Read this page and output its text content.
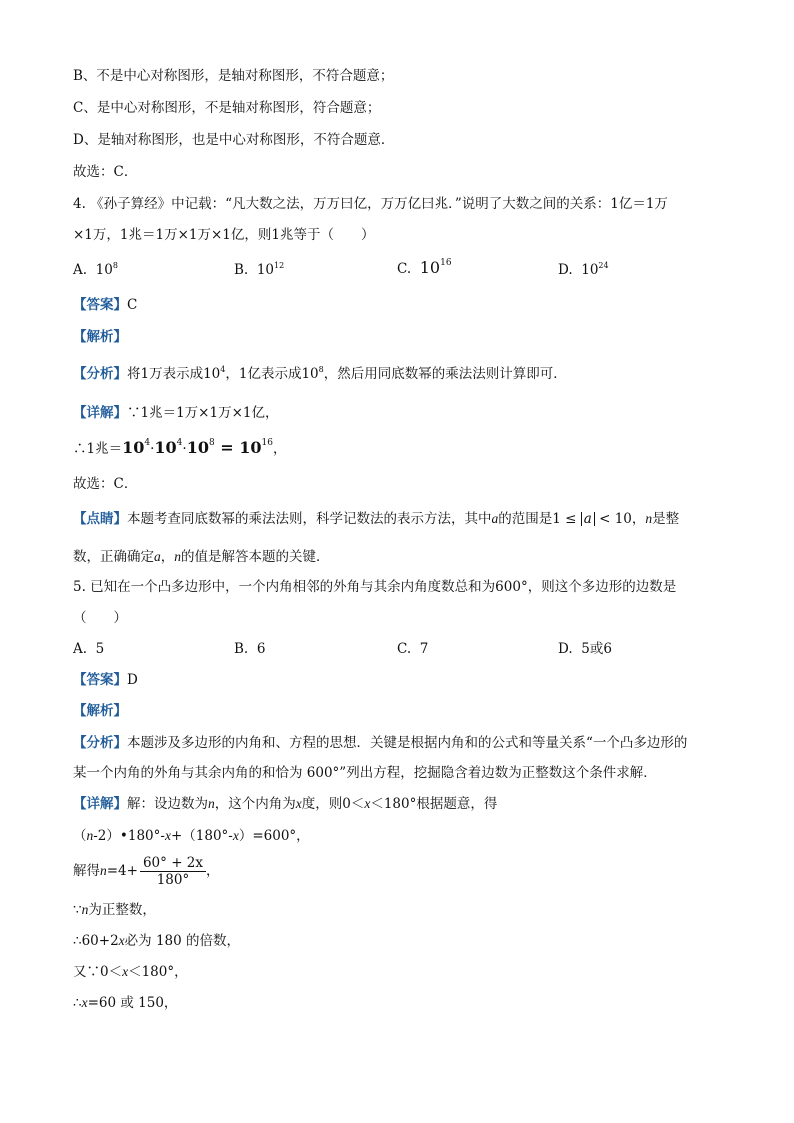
B、不是中心对称图形，是轴对称图形，不符合题意；
C、是中心对称图形，不是轴对称图形，符合题意；
D、是轴对称图形，也是中心对称图形，不符合题意．
故选：C．
4. 《孙子算经》中记载：“凡大数之法，万万曰亿，万万亿曰兆．”说明了大数之间的关系：1亿＝1万
×1万，1兆＝1万×1万×1亿，则1兆等于（　　）
A. $10^8$	B. $10^{12}$	C. $10^{16}$	D. $10^{24}$
【答案】C
【解析】
【分析】将1万表示成$10^4$，1亿表示成$10^8$，然后用同底数幂的乘法法则计算即可．
【详解】∵1兆＝1万×1万×1亿，
∴1兆$=10^4\cdot 10^4\cdot 10^8 = 10^{16}$，
故选：C．
【点睛】本题考查同底数幂的乘法法则，科学记数法的表示方法，其中a的范围是1 ≤ a < 10，n是整
数，正确确定a，n的值是解答本题的关键．
5. 已知在一个凸多边形中，一个内角相邻的外角与其余内角度数总和为600°，则这个多边形的边数是
（　　）
A. 5	B. 6	C. 7	D. 5或6
【答案】D
【解析】
【分析】本题涉及多边形的内角和、方程的思想．关键是根据内角和的公式和等量关系“一个凸多边形的
某一个内角的外角与其余内角的和恰为 600°”列出方程，挖掘隐含着边数为正整数这个条件求解．
【详解】解：设边数为n，这个内角为x度，则0＜x＜180°根据题意，得
（n-2）•180°-x+（180°-x）=600°，
解得$n=4+ \frac{60^\circ + 2x}{180^\circ}$ ，
∵n为正整数，
∴60+2x必为 180 的倍数，
又∵0＜x＜180°，
∴x=60 或 150，
